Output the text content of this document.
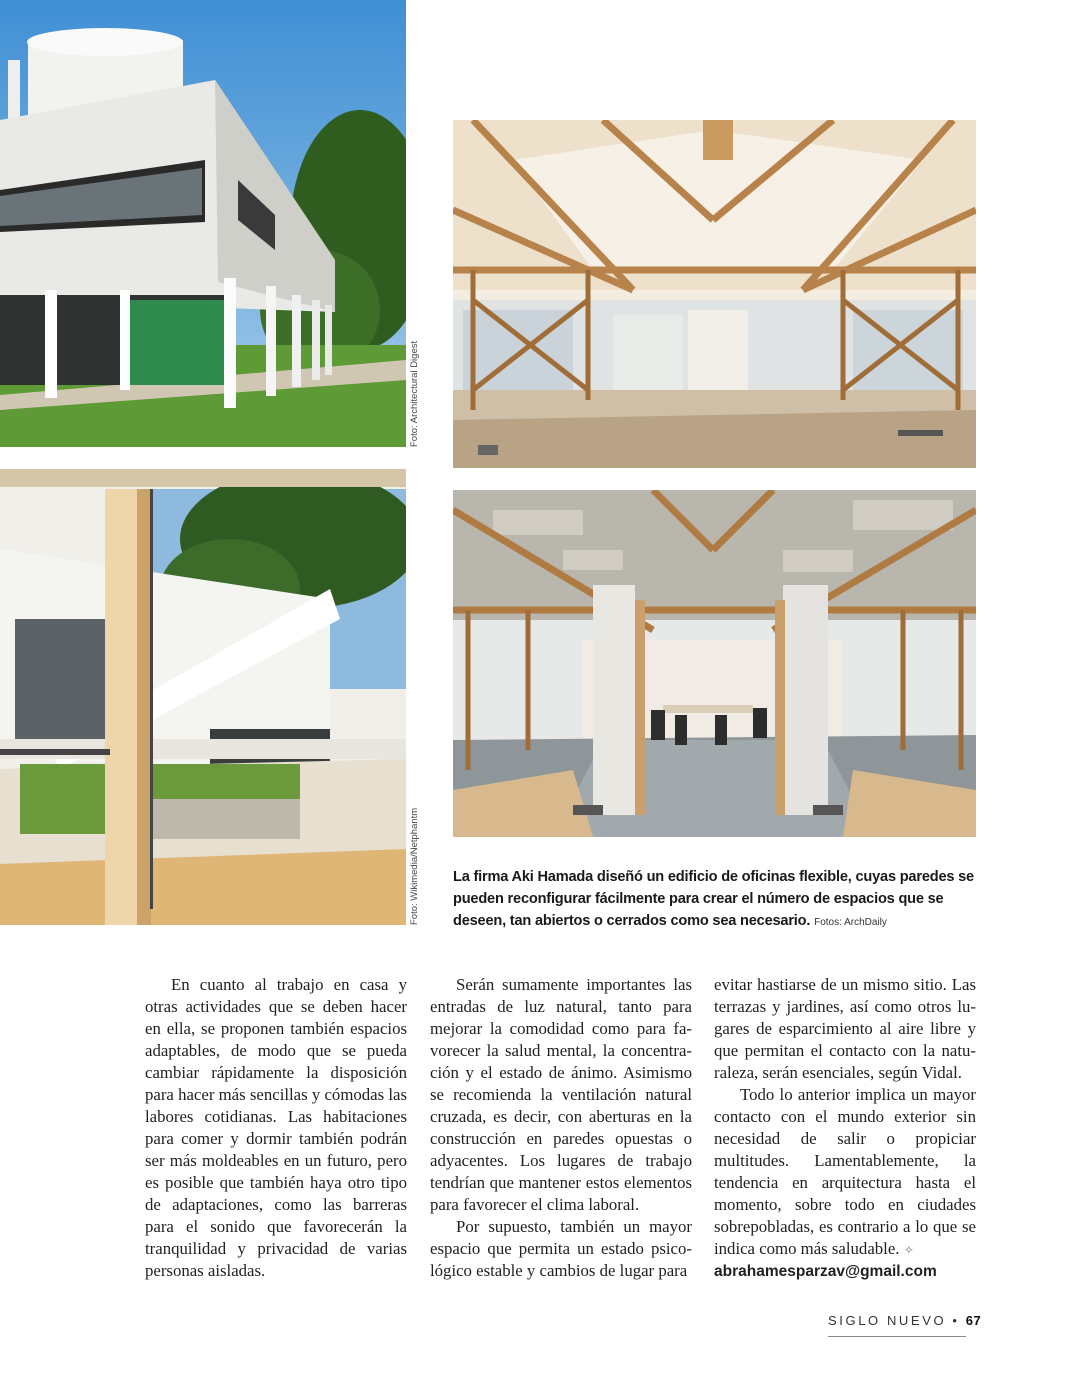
Foto: Architectural Digest
Foto: Wikimedia/Netphantm La firma Aki Hamada diseñó un edificio de oficinas flexible, cuyas paredes se pueden reconfigurar fácilmente para crear el número de espacios que se deseen, tan abiertos o cerrados como sea necesario. Fotos: ArchDaily

En cuanto al trabajo en casa y otras actividades que se deben hacer en ella, se proponen también espacios adaptables, de modo que se pueda cambiar rápidamente la disposición para hacer más sencillas y cómodas las labores cotidianas. Las habitaciones para comer y dormir también podrán ser más moldeables en un futuro, pero es posible que también haya otro tipo de adaptaciones, como las barreras para el sonido que favorecerán la tranquilidad y privacidad de varias personas aisladas.

Serán sumamente importantes las entradas de luz natural, tanto para mejorar la comodidad como para favorecer la salud mental, la concentración y el estado de ánimo. Asimismo se recomienda la ventilación natural cruzada, es decir, con aberturas en la construcción en paredes opuestas o adyacentes. Los lugares de trabajo tendrían que mantener estos elementos para favorecer el clima laboral.

Por supuesto, también un mayor espacio que permita un estado psicológico estable y cambios de lugar para

evitar hastiarse de un mismo sitio. Las terrazas y jardines, así como otros lugares de esparcimiento al aire libre y que permitan el contacto con la naturaleza, serán esenciales, según Vidal.

Todo lo anterior implica un mayor contacto con el mundo exterior sin necesidad de salir o propiciar multitudes. Lamentablemente, la tendencia en arquitectura hasta el momento, sobre todo en ciudades sobrepobladas, es contrario a lo que se indica como más saludable. ✧

abrahamesparzav@gmail.com
SIGLO NUEVO • 67
